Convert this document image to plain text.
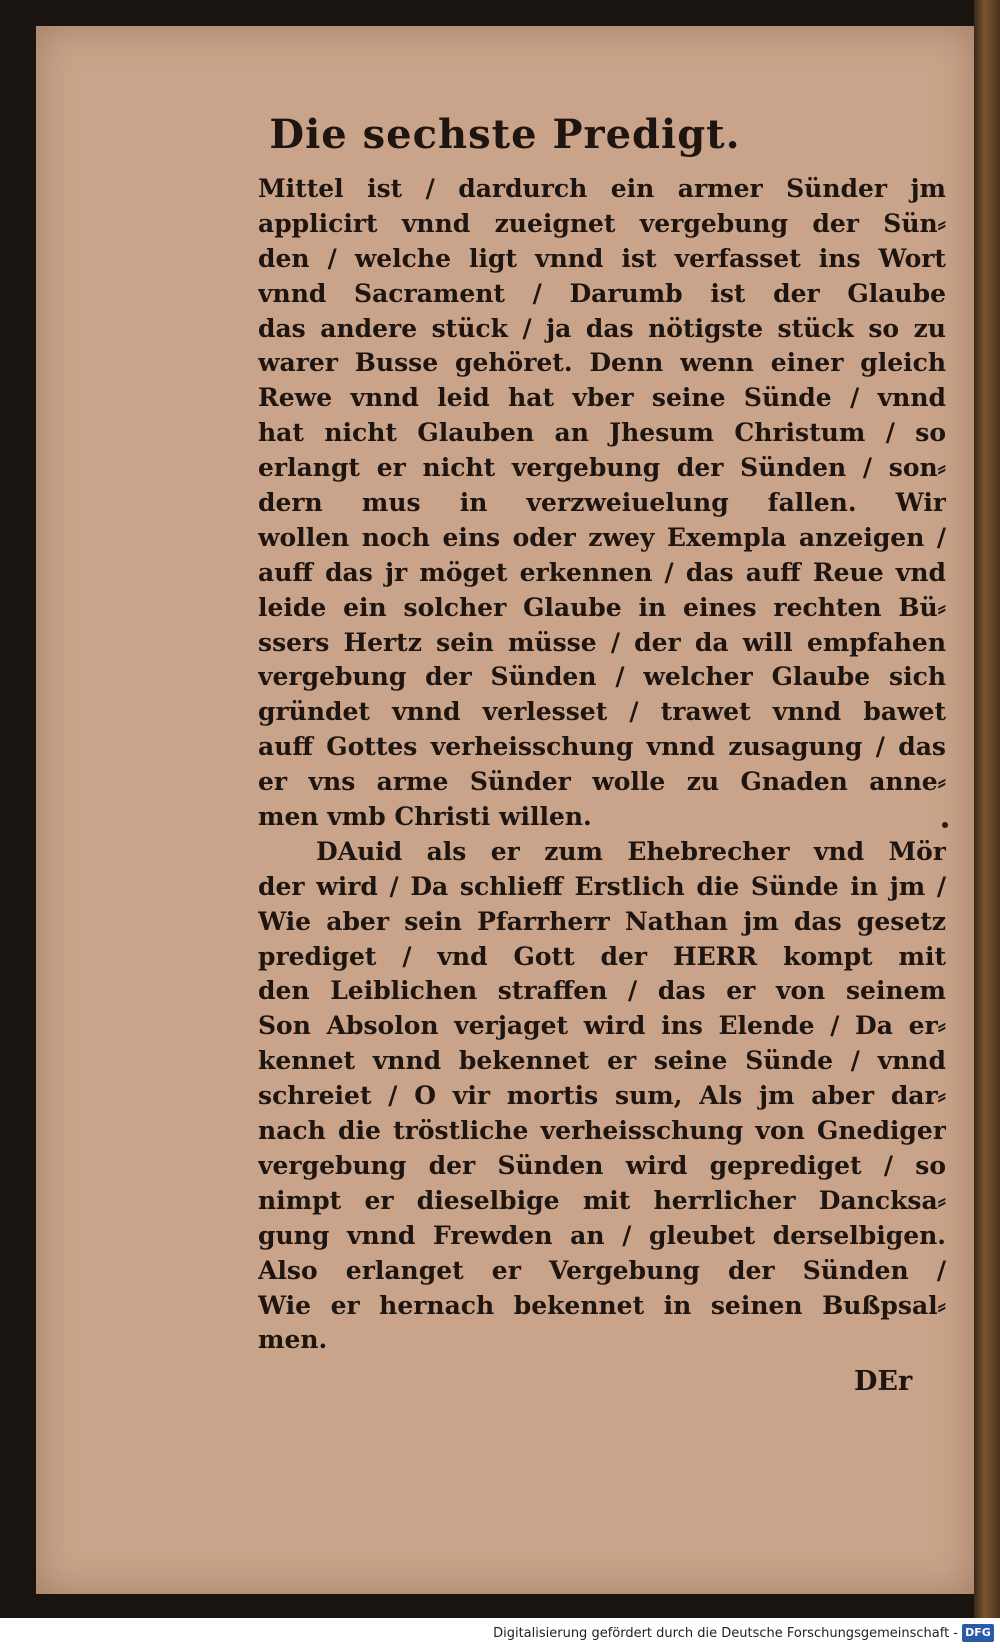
Die sechste Predigt.
Mittel ist / dardurch ein armer Sünder jm
applicirt vnnd zueignet vergebung der Sün⸗
den / welche ligt vnnd ist verfasset ins Wort
vnnd Sacrament / Darumb ist der Glaube
das andere stück / ja das nötigste stück so zu
warer Busse gehöret. Denn wenn einer gleich
Rewe vnnd leid hat vber seine Sünde / vnnd
hat nicht Glauben an Jhesum Christum / so
erlangt er nicht vergebung der Sünden / son⸗
dern mus in verzweiuelung fallen. Wir
wollen noch eins oder zwey Exempla anzeigen /
auff das jr möget erkennen / das auff Reue vnd
leide ein solcher Glaube in eines rechten Bü⸗
ssers Hertz sein müsse / der da will empfahen
vergebung der Sünden / welcher Glaube sich
gründet vnnd verlesset / trawet vnnd bawet
auff Gottes verheisschung vnnd zusagung / das
er vns arme Sünder wolle zu Gnaden anne⸗
men vmb Christi willen.
DAuid als er zum Ehebrecher vnd Mör
der wird / Da schlieff Erstlich die Sünde in jm /
Wie aber sein Pfarrherr Nathan jm das gesetz
prediget / vnd Gott der HERR kompt mit
den Leiblichen straffen / das er von seinem
Son Absolon verjaget wird ins Elende / Da er⸗
kennet vnnd bekennet er seine Sünde / vnnd
schreiet / O vir mortis sum, Als jm aber dar⸗
nach die tröstliche verheisschung von Gnediger
vergebung der Sünden wird geprediget / so
nimpt er dieselbige mit herrlicher Dancksa⸗
gung vnnd Frewden an / gleubet derselbigen.
Also erlanget er Vergebung der Sünden /
Wie er hernach bekennet in seinen Bußpsal⸗
men.
DEr
Digitalisierung gefördert durch die Deutsche Forschungsgemeinschaft - DFG
